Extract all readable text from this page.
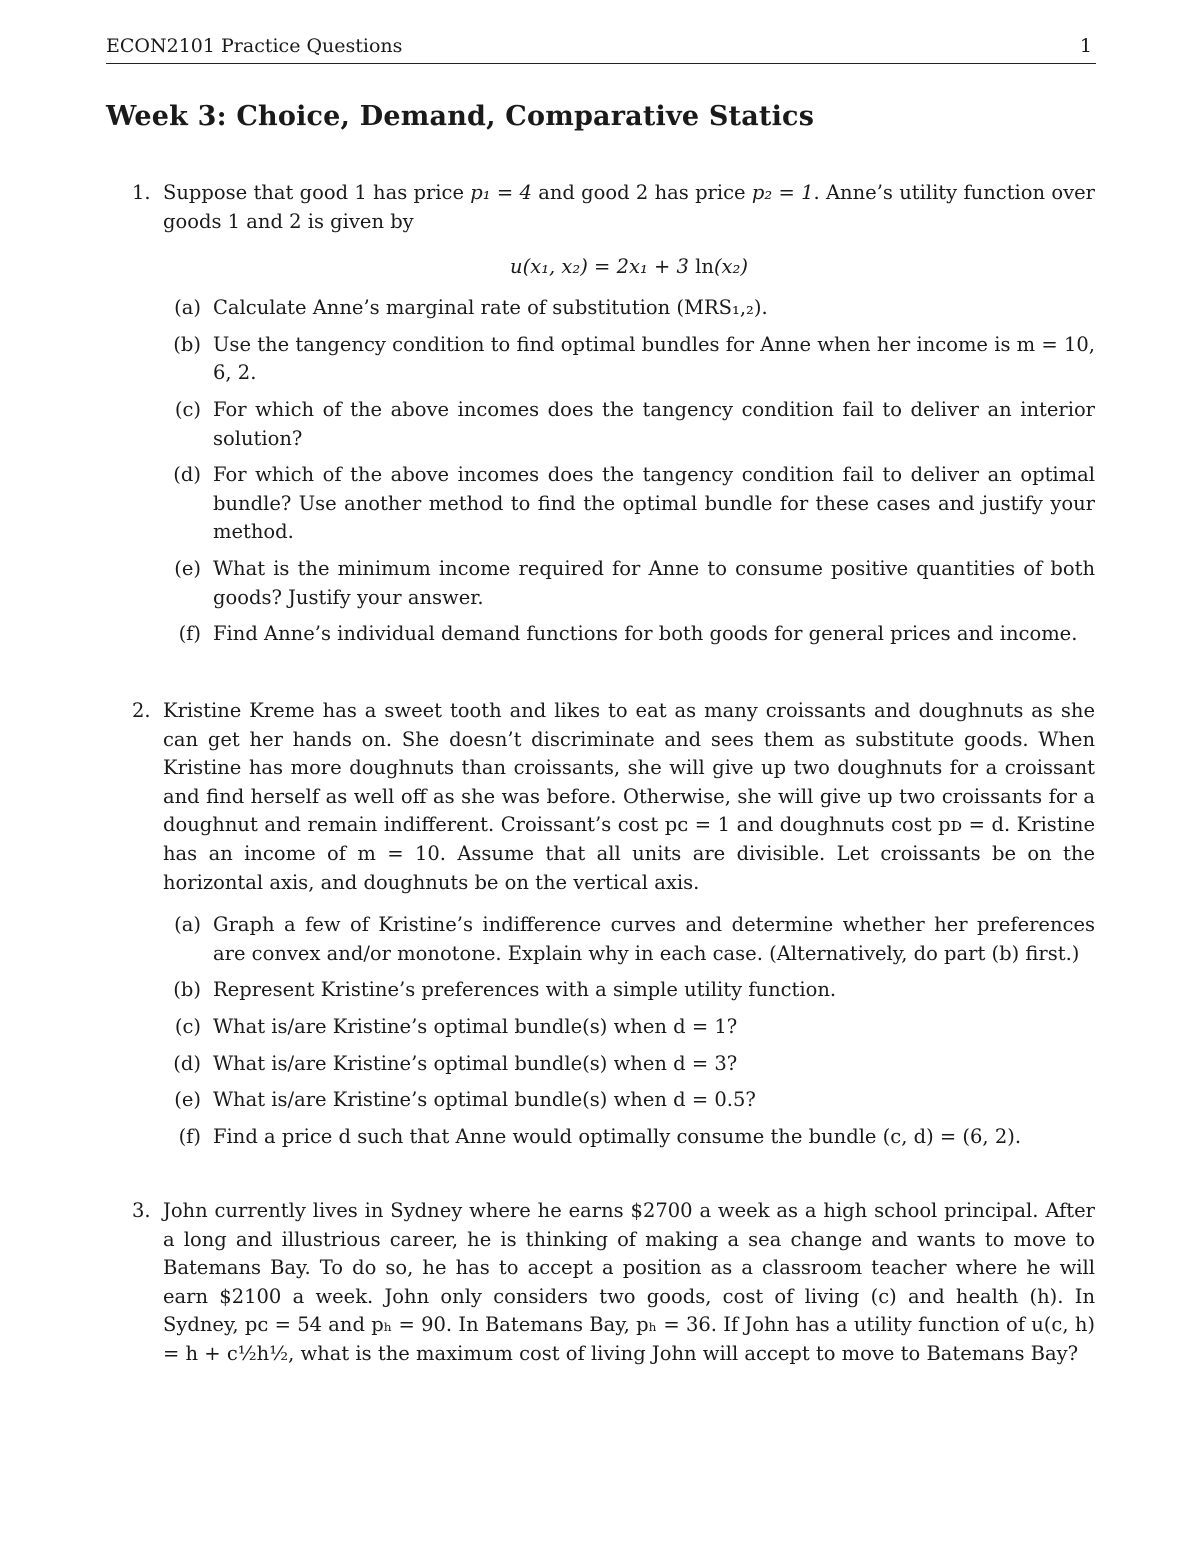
ECON2101 Practice Questions	1
Week 3: Choice, Demand, Comparative Statics
1. Suppose that good 1 has price p₁ = 4 and good 2 has price p₂ = 1. Anne’s utility function over goods 1 and 2 is given by
u(x₁, x₂) = 2x₁ + 3 ln(x₂)
(a) Calculate Anne’s marginal rate of substitution (MRS₁,₂).
(b) Use the tangency condition to find optimal bundles for Anne when her income is m = 10, 6, 2.
(c) For which of the above incomes does the tangency condition fail to deliver an interior solution?
(d) For which of the above incomes does the tangency condition fail to deliver an optimal bundle? Use another method to find the optimal bundle for these cases and justify your method.
(e) What is the minimum income required for Anne to consume positive quantities of both goods? Justify your answer.
(f) Find Anne’s individual demand functions for both goods for general prices and income.
2. Kristine Kreme has a sweet tooth and likes to eat as many croissants and doughnuts as she can get her hands on. She doesn’t discriminate and sees them as substitute goods. When Kristine has more doughnuts than croissants, she will give up two doughnuts for a croissant and find herself as well off as she was before. Otherwise, she will give up two croissants for a doughnut and remain indifferent. Croissant’s cost pᴄ = 1 and doughnuts cost pᴅ = d. Kristine has an income of m = 10. Assume that all units are divisible. Let croissants be on the horizontal axis, and doughnuts be on the vertical axis.
(a) Graph a few of Kristine’s indifference curves and determine whether her preferences are convex and/or monotone. Explain why in each case. (Alternatively, do part (b) first.)
(b) Represent Kristine’s preferences with a simple utility function.
(c) What is/are Kristine’s optimal bundle(s) when d = 1?
(d) What is/are Kristine’s optimal bundle(s) when d = 3?
(e) What is/are Kristine’s optimal bundle(s) when d = 0.5?
(f) Find a price d such that Anne would optimally consume the bundle (c, d) = (6, 2).
3. John currently lives in Sydney where he earns $2700 a week as a high school principal. After a long and illustrious career, he is thinking of making a sea change and wants to move to Batemans Bay. To do so, he has to accept a position as a classroom teacher where he will earn $2100 a week. John only considers two goods, cost of living (c) and health (h). In Sydney, pᴄ = 54 and pₕ = 90. In Batemans Bay, pₕ = 36. If John has a utility function of u(c, h) = h + c½h½, what is the maximum cost of living John will accept to move to Batemans Bay?
